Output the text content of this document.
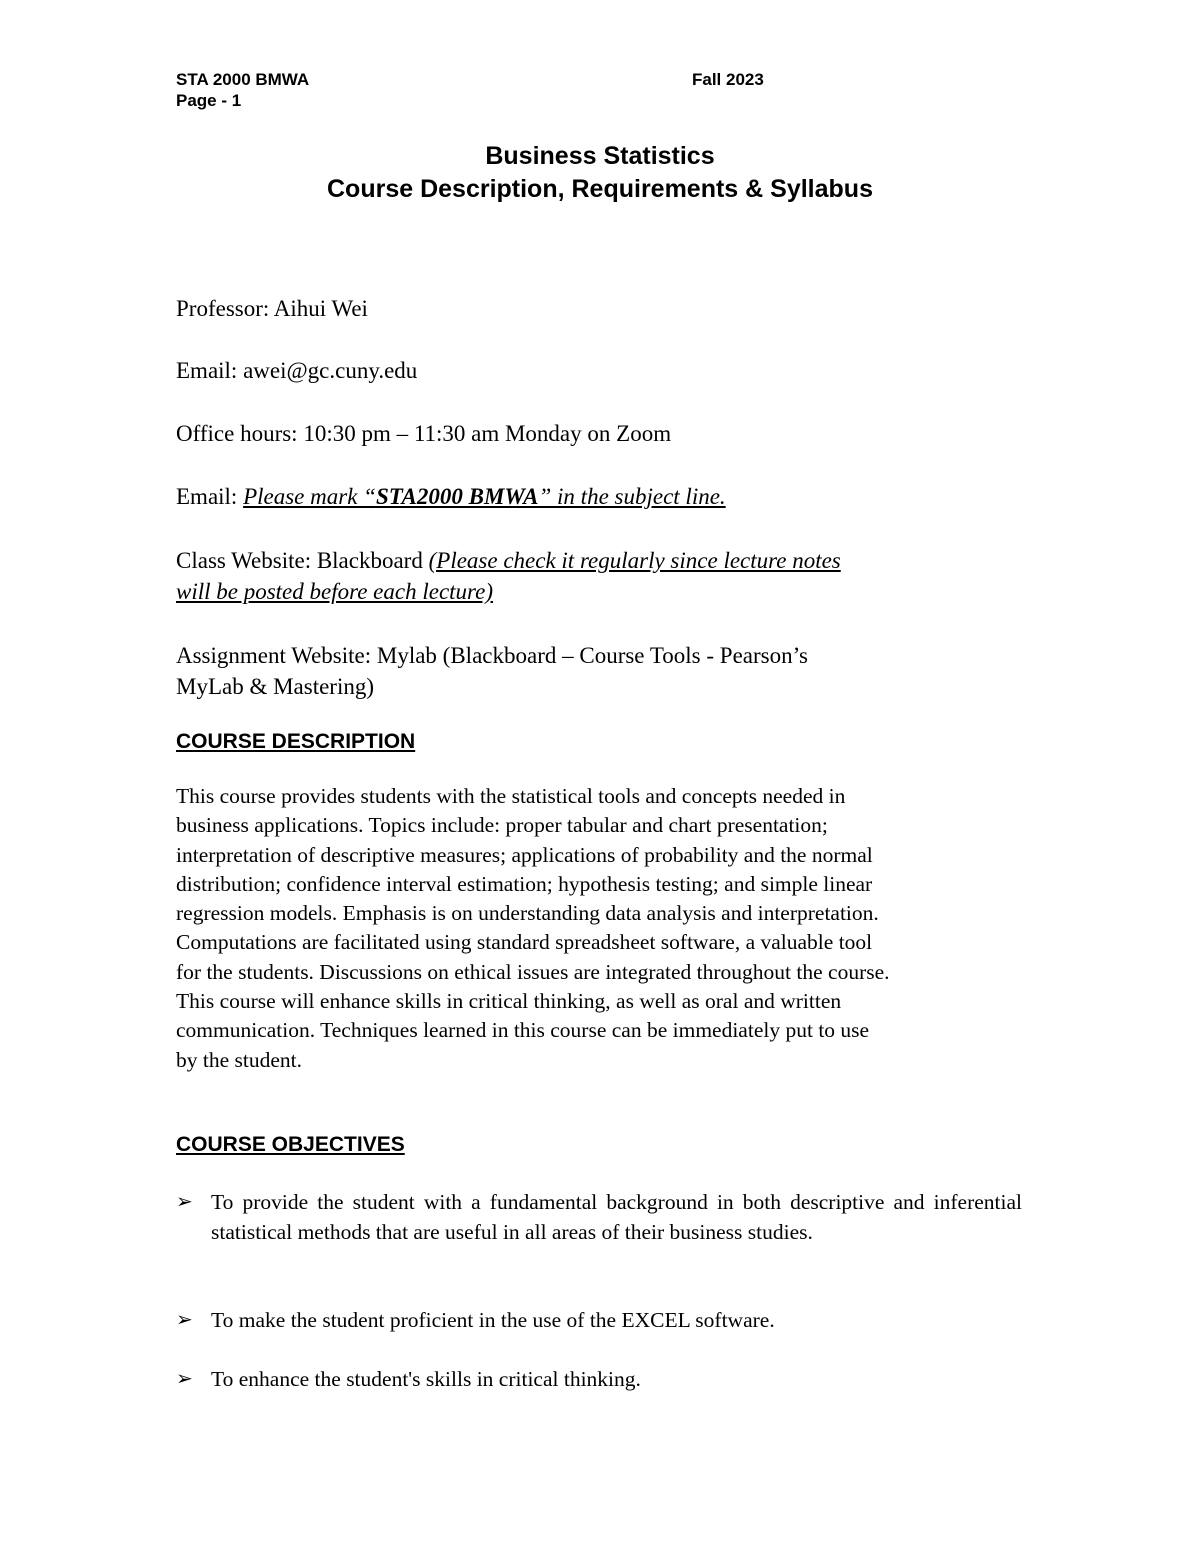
STA 2000 BMWA	Fall 2023
Page - 1
Business Statistics
Course Description, Requirements & Syllabus
Professor: Aihui Wei
Email: awei@gc.cuny.edu
Office hours: 10:30 pm – 11:30 am Monday on Zoom
Email: Please mark “STA2000 BMWA” in the subject line.
Class Website: Blackboard (Please check it regularly since lecture notes
will be posted before each lecture)
Assignment Website: Mylab (Blackboard – Course Tools - Pearson’s
MyLab & Mastering)
COURSE DESCRIPTION
This course provides students with the statistical tools and concepts needed in
business applications. Topics include: proper tabular and chart presentation;
interpretation of descriptive measures; applications of probability and the normal
distribution; confidence interval estimation; hypothesis testing; and simple linear
regression models. Emphasis is on understanding data analysis and interpretation.
Computations are facilitated using standard spreadsheet software, a valuable tool
for the students. Discussions on ethical issues are integrated throughout the course.
This course will enhance skills in critical thinking, as well as oral and written
communication. Techniques learned in this course can be immediately put to use
by the student.
COURSE OBJECTIVES
➢ To provide the student with a fundamental background in both descriptive and inferential statistical methods that are useful in all areas of their business studies.
➢ To make the student proficient in the use of the EXCEL software.
➢ To enhance the student's skills in critical thinking.
